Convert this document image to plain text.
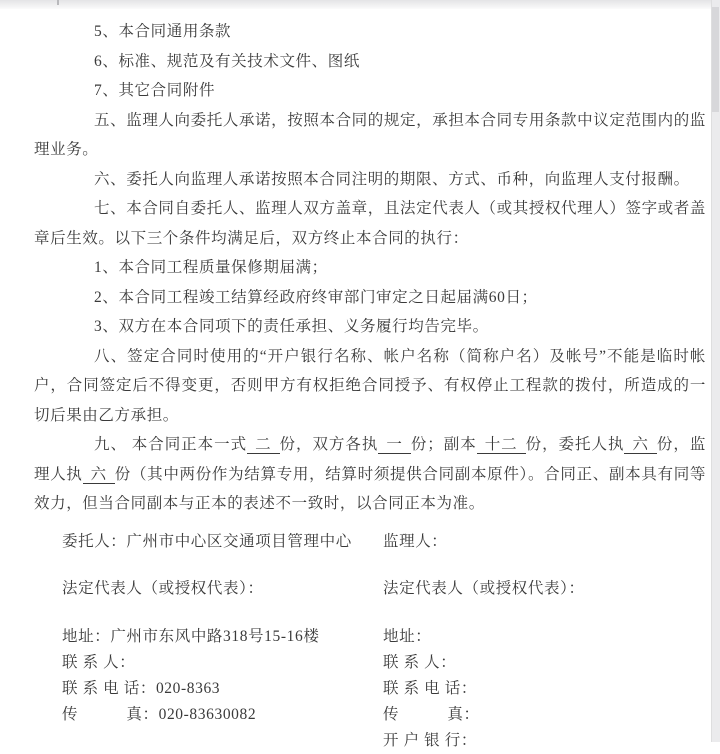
5、本合同通用条款

6、标准、规范及有关技术文件、图纸

7、其它合同附件

五、监理人向委托人承诺，按照本合同的规定，承担本合同专用条款中议定范围内的监理业务。

六、委托人向监理人承诺按照本合同注明的期限、方式、币种，向监理人支付报酬。

七、本合同自委托人、监理人双方盖章，且法定代表人（或其授权代理人）签字或者盖章后生效。以下三个条件均满足后，双方终止本合同的执行：

1、本合同工程质量保修期届满；

2、本合同工程竣工结算经政府终审部门审定之日起届满60日；

3、双方在本合同项下的责任承担、义务履行均告完毕。

八、签定合同时使用的“开户银行名称、帐户名称（简称户名）及帐号”不能是临时帐户，合同签定后不得变更，否则甲方有权拒绝合同授予、有权停止工程款的拨付，所造成的一切后果由乙方承担。

九、 本合同正本一式 二 份，双方各执 一 份；副本 十二 份，委托人执 六 份，监理人执 六 份（其中两份作为结算专用，结算时须提供合同副本原件）。合同正、副本具有同等效力，但当合同副本与正本的表述不一致时，以合同正本为准。

委托人：广州市中心区交通项目管理中心	监理人：
法定代表人（或授权代表）：	法定代表人（或授权代表）：
地址：广州市东风中路318号15-16楼	地址：
联 系 人：	联 系 人：
联 系 电 话：020-8363	联 系 电 话：
传　　　真：020-83630082	传　　　真：
开 户 银 行：
